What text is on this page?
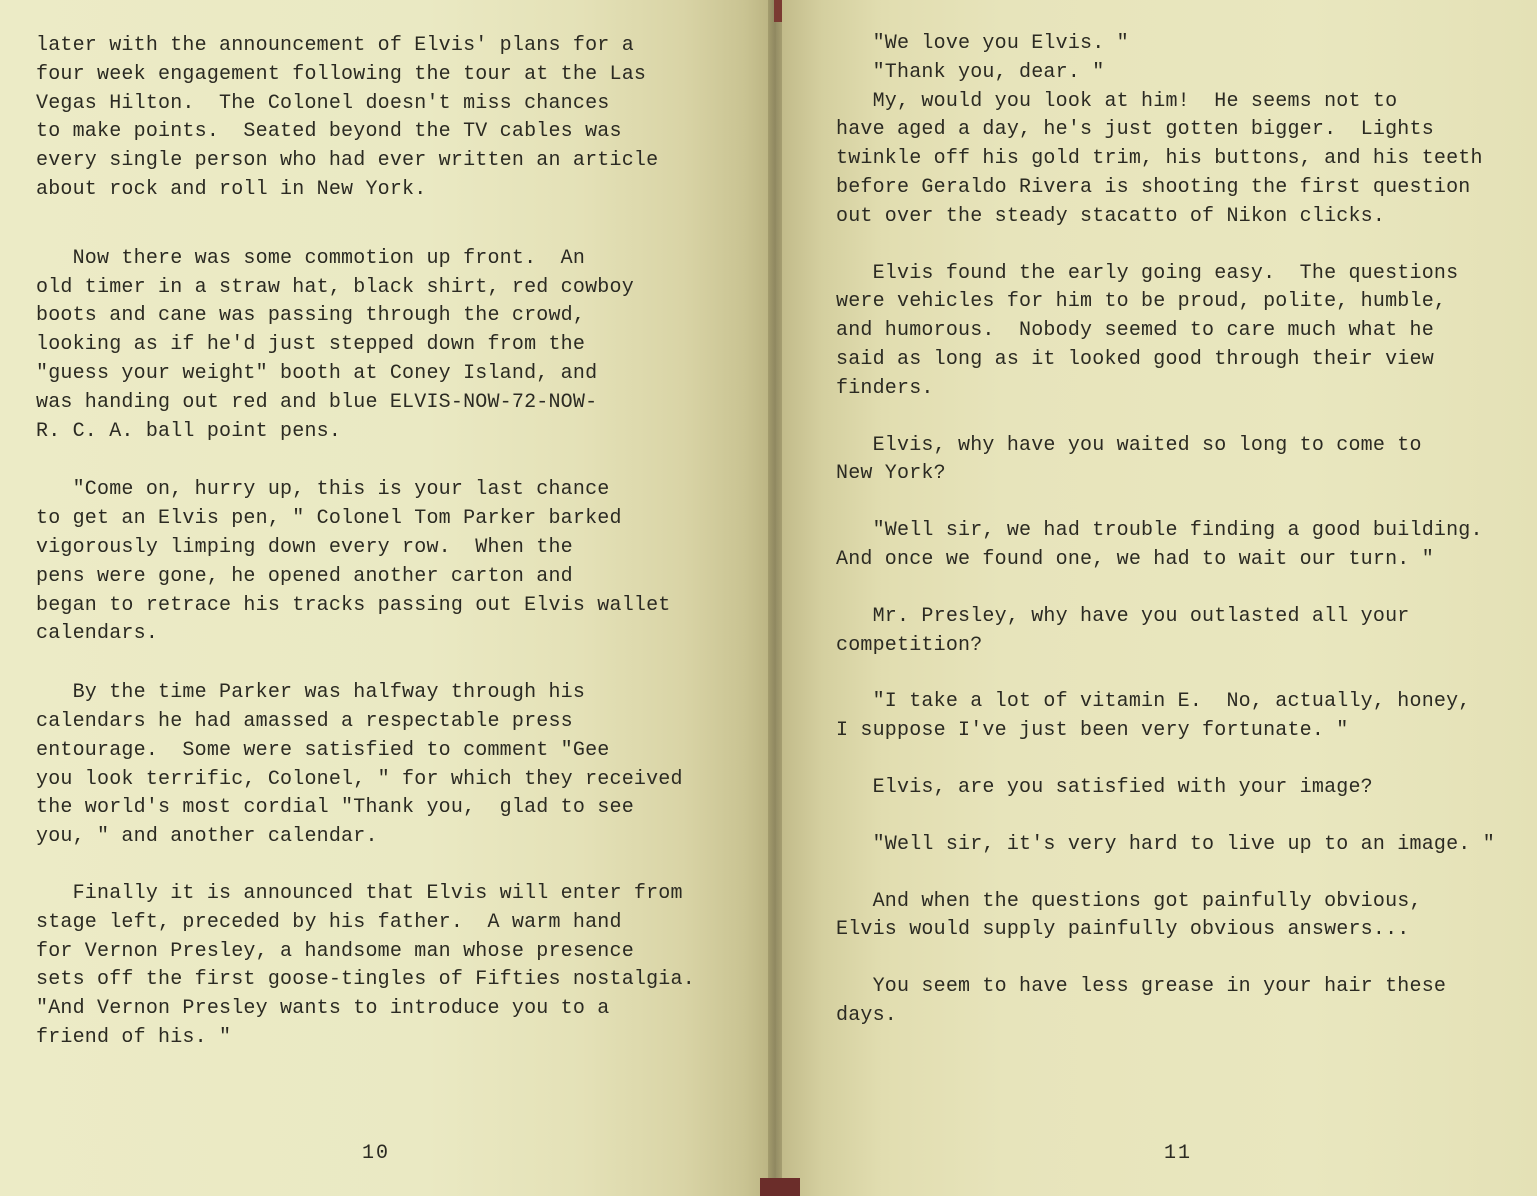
later with the announcement of Elvis' plans for a
four week engagement following the tour at the Las
Vegas Hilton.  The Colonel doesn't miss chances
to make points.  Seated beyond the TV cables was
every single person who had ever written an article
about rock and roll in New York.
Now there was some commotion up front.  An
old timer in a straw hat, black shirt, red cowboy
boots and cane was passing through the crowd,
looking as if he'd just stepped down from the
"guess your weight" booth at Coney Island, and
was handing out red and blue ELVIS-NOW-72-NOW-
R. C. A. ball point pens.
"Come on, hurry up, this is your last chance
to get an Elvis pen, " Colonel Tom Parker barked
vigorously limping down every row.  When the
pens were gone, he opened another carton and
began to retrace his tracks passing out Elvis wallet
calendars.
By the time Parker was halfway through his
calendars he had amassed a respectable press
entourage.  Some were satisfied to comment "Gee
you look terrific, Colonel, " for which they received
the world's most cordial "Thank you,  glad to see
you, " and another calendar.
Finally it is announced that Elvis will enter from
stage left, preceded by his father.  A warm hand
for Vernon Presley, a handsome man whose presence
sets off the first goose-tingles of Fifties nostalgia.
"And Vernon Presley wants to introduce you to a
friend of his. "
10
"We love you Elvis. "
"Thank you, dear. "
My, would you look at him!  He seems not to
have aged a day, he's just gotten bigger.  Lights
twinkle off his gold trim, his buttons, and his teeth
before Geraldo Rivera is shooting the first question
out over the steady stacatto of Nikon clicks.
Elvis found the early going easy.  The questions
were vehicles for him to be proud, polite, humble,
and humorous.  Nobody seemed to care much what he
said as long as it looked good through their view
finders.
Elvis, why have you waited so long to come to
New York?
"Well sir, we had trouble finding a good building.
And once we found one, we had to wait our turn. "
Mr. Presley, why have you outlasted all your
competition?
"I take a lot of vitamin E.  No, actually, honey,
I suppose I've just been very fortunate. "
Elvis, are you satisfied with your image?
"Well sir, it's very hard to live up to an image. "
And when the questions got painfully obvious,
Elvis would supply painfully obvious answers...
You seem to have less grease in your hair these
days.
11
